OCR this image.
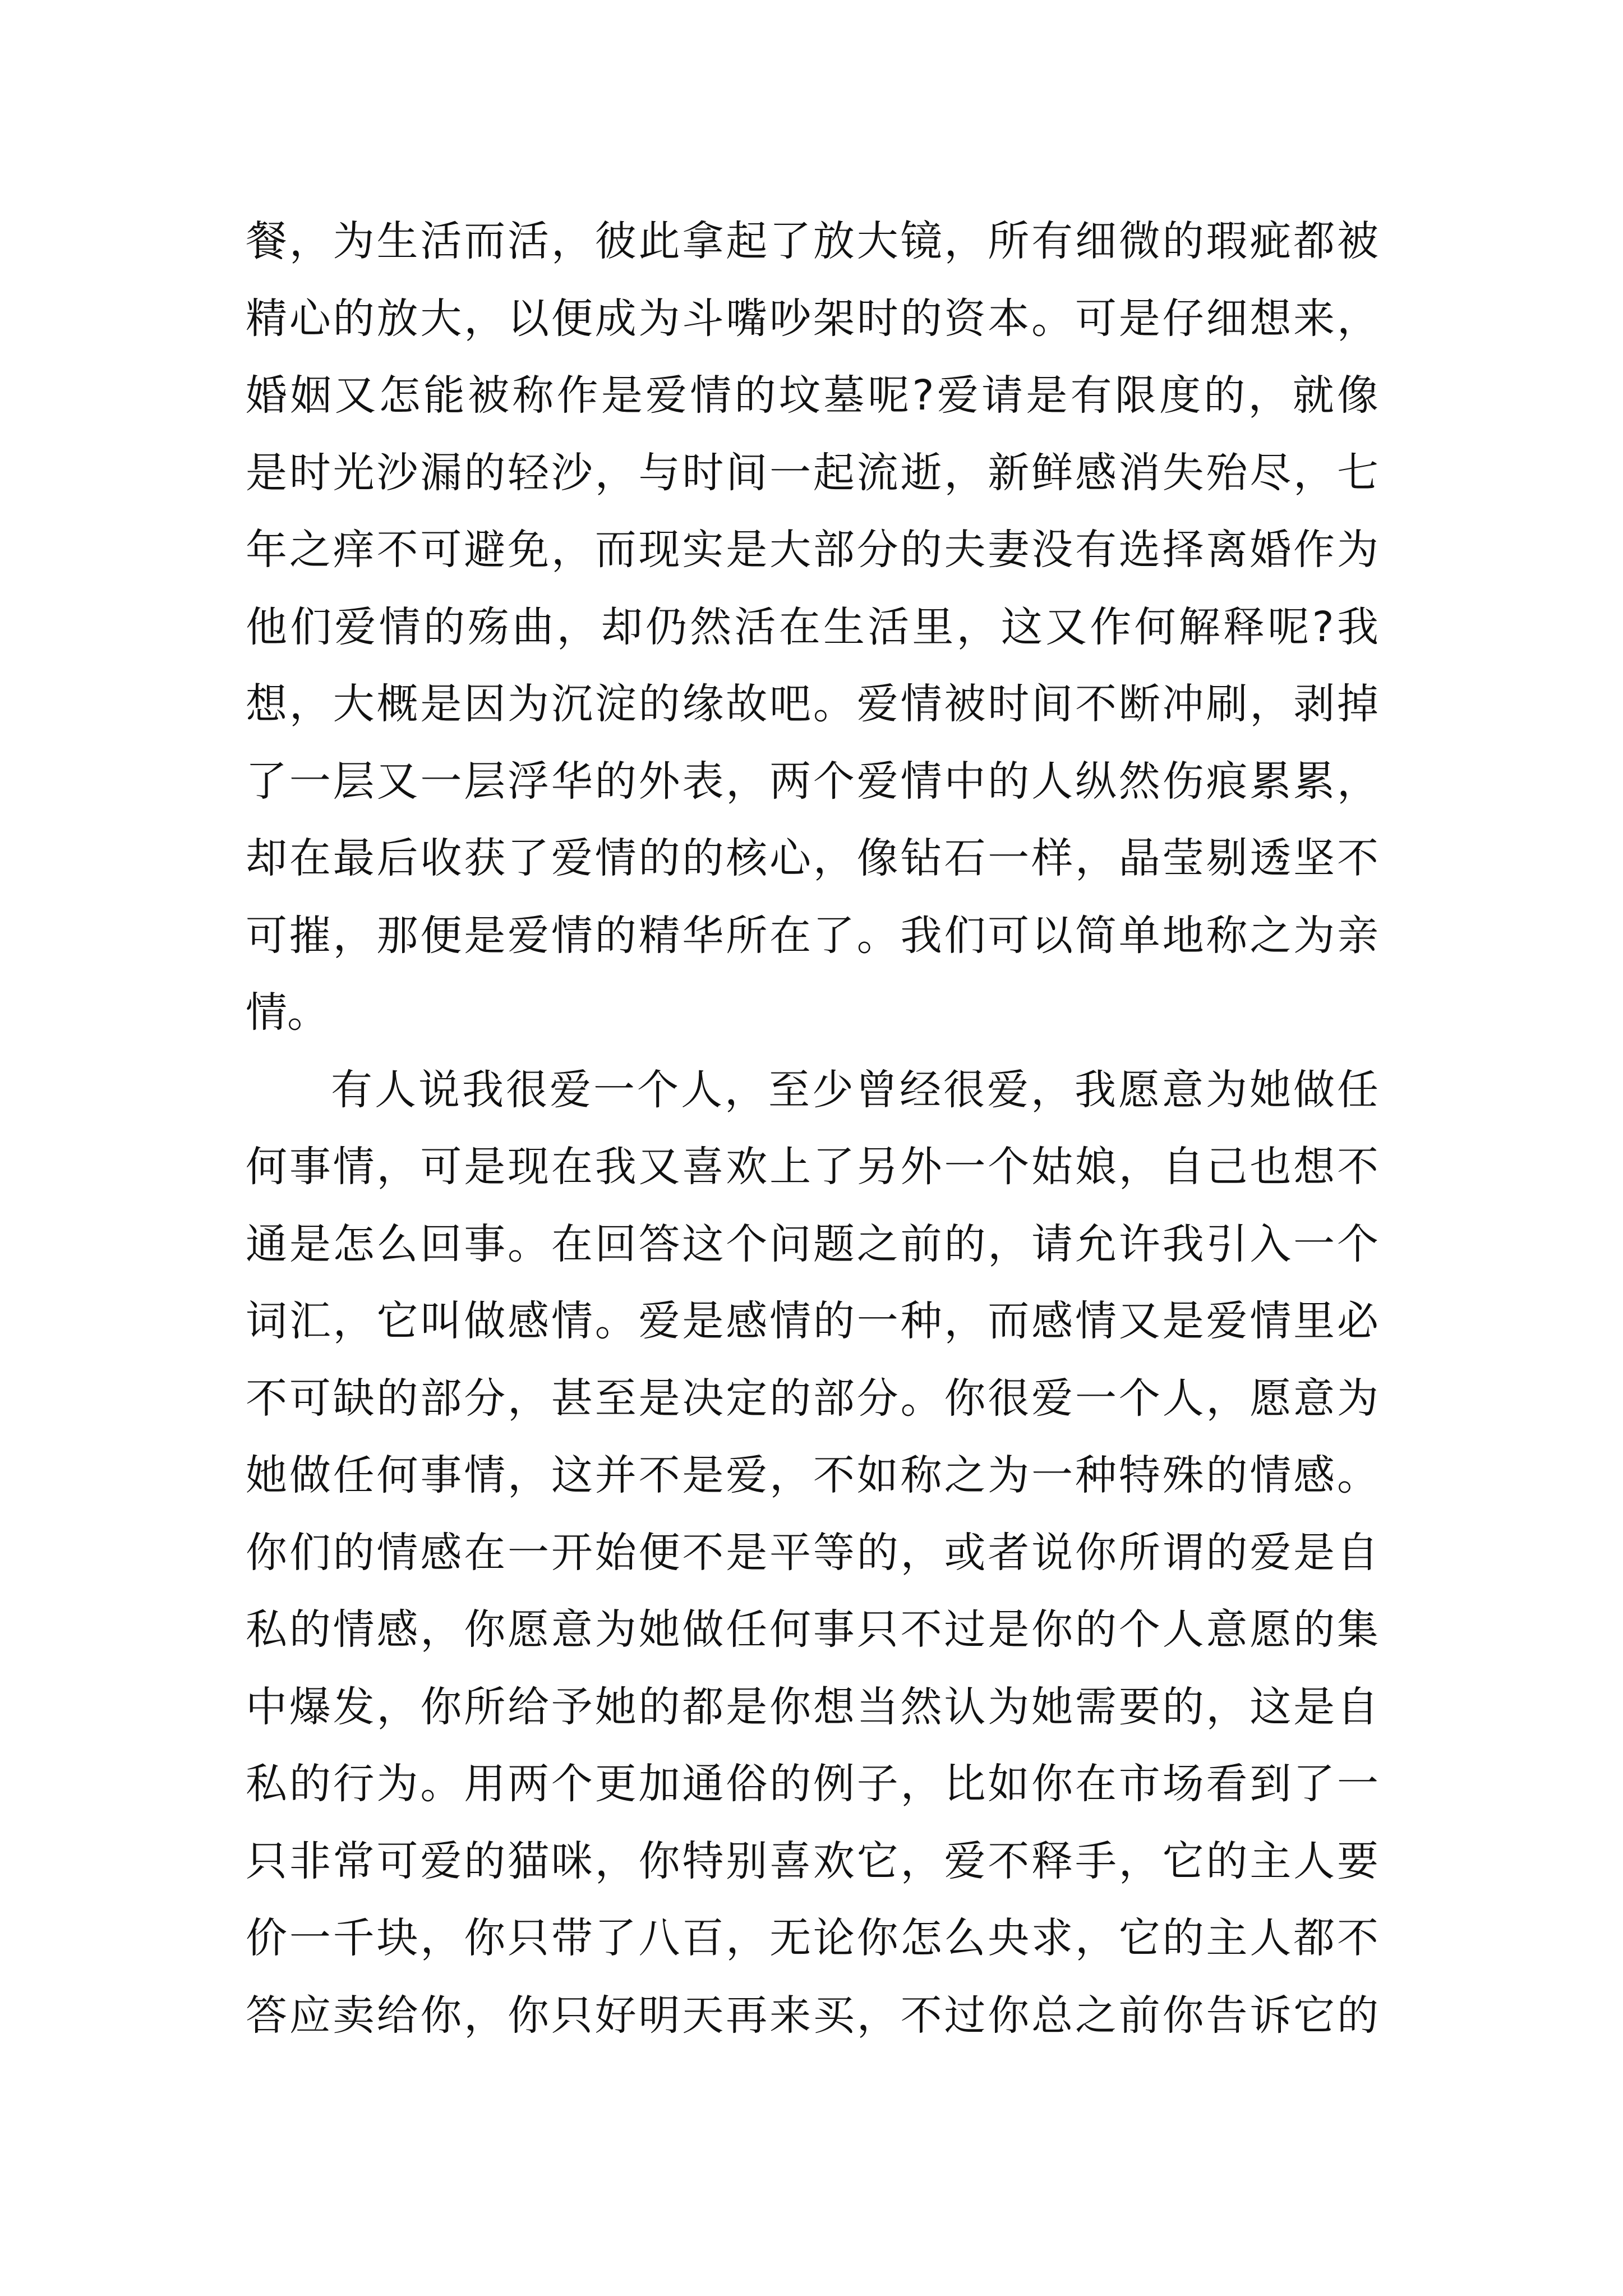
餐，为生活而活，彼此拿起了放大镜，所有细微的瑕疵都被
精心的放大，以便成为斗嘴吵架时的资本。可是仔细想来，
婚姻又怎能被称作是爱情的坟墓呢?爱请是有限度的，就像
是时光沙漏的轻沙，与时间一起流逝，新鲜感消失殆尽，七
年之痒不可避免，而现实是大部分的夫妻没有选择离婚作为
他们爱情的殇曲，却仍然活在生活里，这又作何解释呢?我
想，大概是因为沉淀的缘故吧。爱情被时间不断冲刷，剥掉
了一层又一层浮华的外表，两个爱情中的人纵然伤痕累累，
却在最后收获了爱情的的核心，像钻石一样，晶莹剔透坚不
可摧，那便是爱情的精华所在了。我们可以简单地称之为亲
情。
有人说我很爱一个人，至少曾经很爱，我愿意为她做任
何事情，可是现在我又喜欢上了另外一个姑娘，自己也想不
通是怎么回事。在回答这个问题之前的，请允许我引入一个
词汇，它叫做感情。爱是感情的一种，而感情又是爱情里必
不可缺的部分，甚至是决定的部分。你很爱一个人，愿意为
她做任何事情，这并不是爱，不如称之为一种特殊的情感。
你们的情感在一开始便不是平等的，或者说你所谓的爱是自
私的情感，你愿意为她做任何事只不过是你的个人意愿的集
中爆发，你所给予她的都是你想当然认为她需要的，这是自
私的行为。用两个更加通俗的例子，比如你在市场看到了一
只非常可爱的猫咪，你特别喜欢它，爱不释手，它的主人要
价一千块，你只带了八百，无论你怎么央求，它的主人都不
答应卖给你，你只好明天再来买，不过你总之前你告诉它的
